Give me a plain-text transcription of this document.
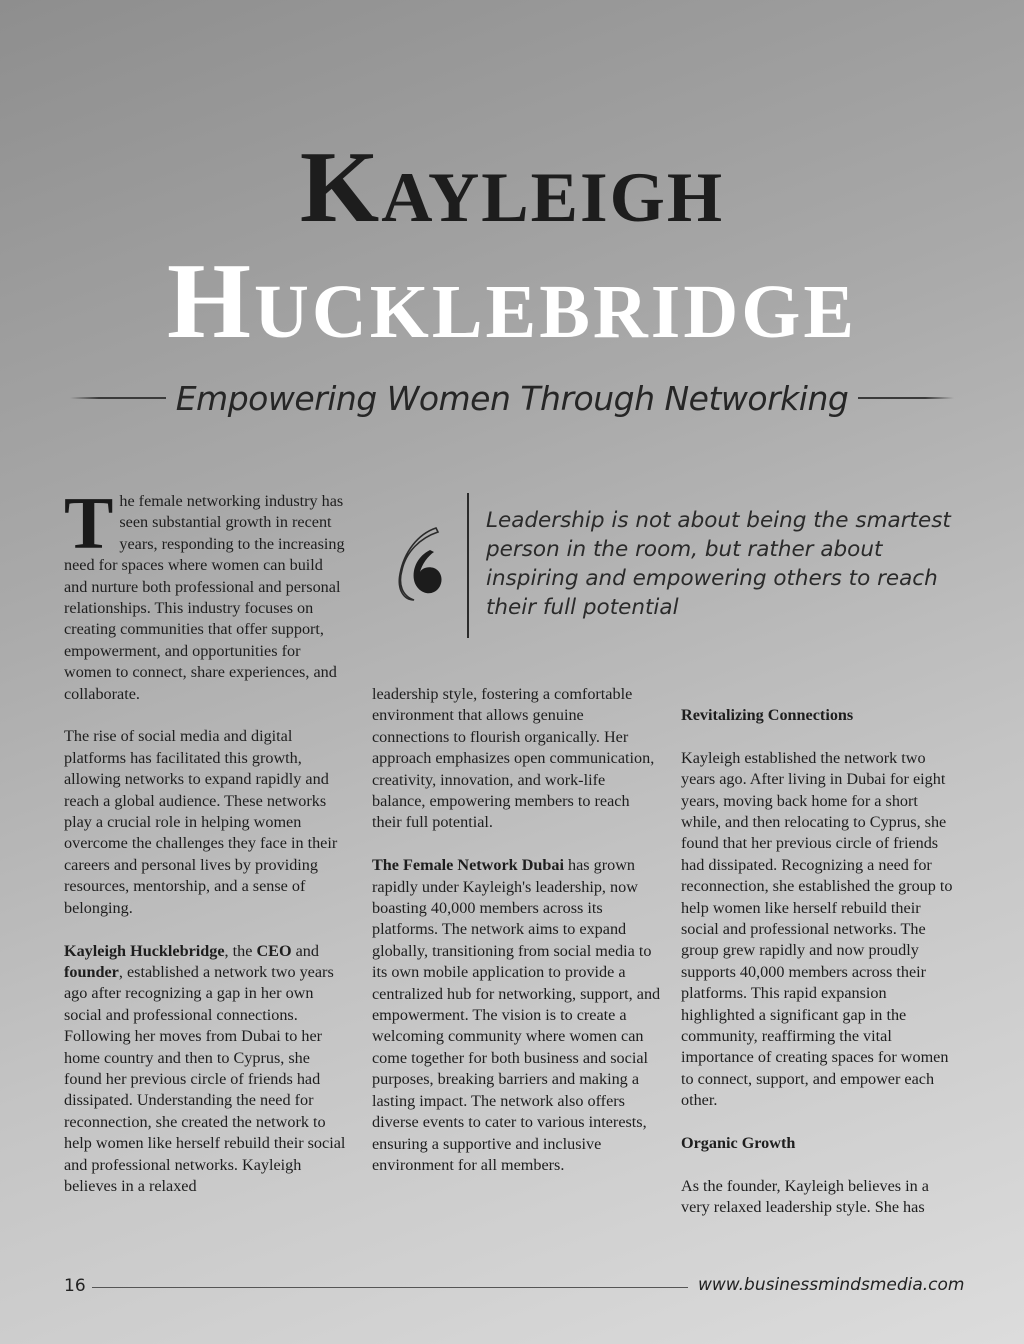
Kayleigh
Hucklebridge
Empowering Women Through Networking

The female networking industry has seen substantial growth in recent years, responding to the increasing need for spaces where women can build and nurture both professional and personal relationships. This industry focuses on creating communities that offer support, empowerment, and opportunities for women to connect, share experiences, and collaborate.

The rise of social media and digital platforms has facilitated this growth, allowing networks to expand rapidly and reach a global audience. These networks play a crucial role in helping women overcome the challenges they face in their careers and personal lives by providing resources, mentorship, and a sense of belonging.

Kayleigh Hucklebridge, the CEO and founder, established a network two years ago after recognizing a gap in her own social and professional connections. Following her moves from Dubai to her home country and then to Cyprus, she found her previous circle of friends had dissipated. Understanding the need for reconnection, she created the network to help women like herself rebuild their social and professional networks. Kayleigh believes in a relaxed

Leadership is not about being the smartest person in the room, but rather about inspiring and empowering others to reach their full potential

leadership style, fostering a comfortable environment that allows genuine connections to flourish organically. Her approach emphasizes open communication, creativity, innovation, and work-life balance, empowering members to reach their full potential.

The Female Network Dubai has grown rapidly under Kayleigh's leadership, now boasting 40,000 members across its platforms. The network aims to expand globally, transitioning from social media to its own mobile application to provide a centralized hub for networking, support, and empowerment. The vision is to create a welcoming community where women can come together for both business and social purposes, breaking barriers and making a lasting impact. The network also offers diverse events to cater to various interests, ensuring a supportive and inclusive environment for all members.

Revitalizing Connections

Kayleigh established the network two years ago. After living in Dubai for eight years, moving back home for a short while, and then relocating to Cyprus, she found that her previous circle of friends had dissipated. Recognizing a need for reconnection, she established the group to help women like herself rebuild their social and professional networks. The group grew rapidly and now proudly supports 40,000 members across their platforms. This rapid expansion highlighted a significant gap in the community, reaffirming the vital importance of creating spaces for women to connect, support, and empower each other.

Organic Growth

As the founder, Kayleigh believes in a very relaxed leadership style. She has

16	www.businessmindsmedia.com
